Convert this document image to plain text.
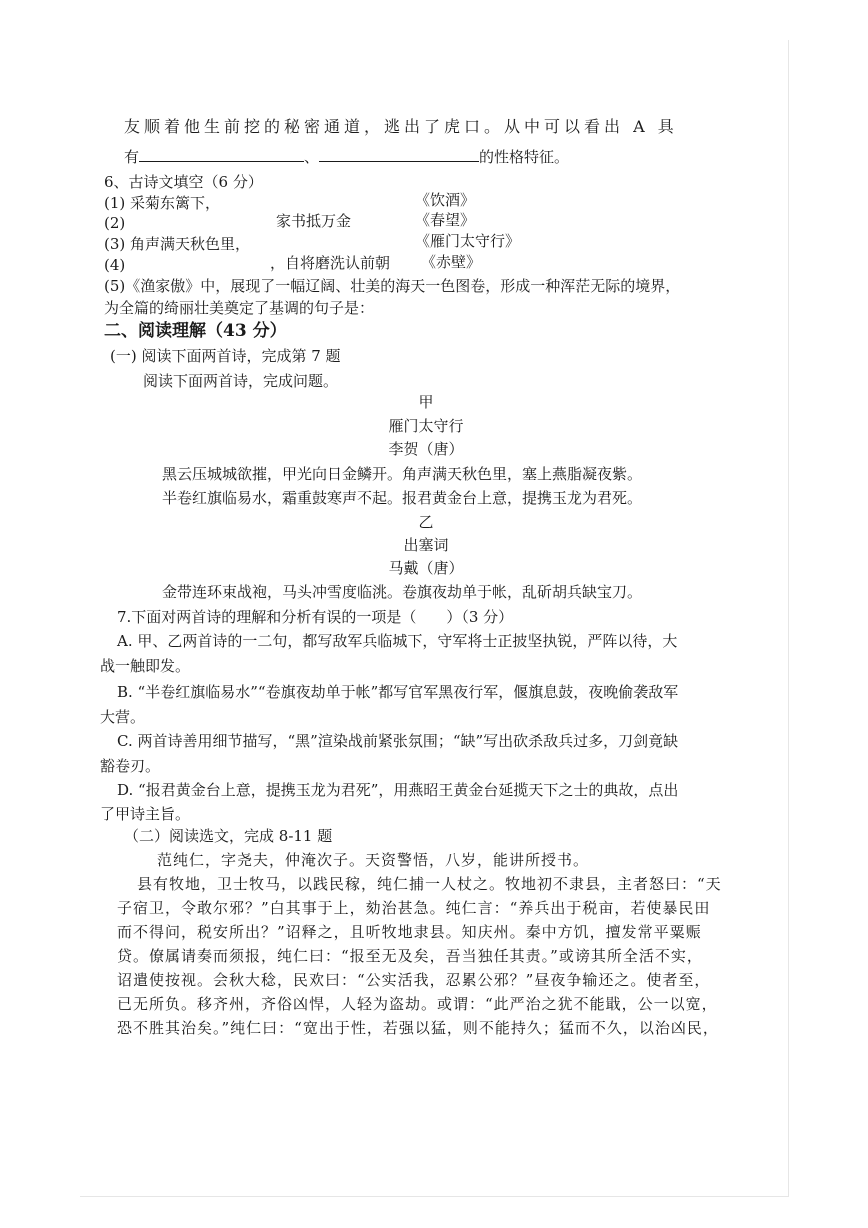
友顺着他生前挖的秘密通道，逃出了虎口。从中可以看出 A 具
有	、	的性格特征。
6、古诗文填空（6 分）
(1) 采菊东篱下，	《饮酒》
(2)	家书抵万金	《春望》
(3) 角声满天秋色里，	《雁门太守行》
(4)	，自将磨洗认前朝 《赤壁》
(5)《渔家傲》中，展现了一幅辽阔、壮美的海天一色图卷，形成一种浑茫无际的境界，
为全篇的绮丽壮美奠定了基调的句子是：
二、阅读理解（43 分）
(一) 阅读下面两首诗，完成第 7 题
阅读下面两首诗，完成问题。
甲
雁门太守行
李贺（唐）
黑云压城城欲摧，甲光向日金鳞开。角声满天秋色里，塞上燕脂凝夜紫。
半卷红旗临易水，霜重鼓寒声不起。报君黄金台上意，提携玉龙为君死。
乙
出塞词
马戴（唐）
金带连环束战袍，马头冲雪度临洮。卷旗夜劫单于帐，乱斫胡兵缺宝刀。
7.下面对两首诗的理解和分析有误的一项是（　　）（3 分）
A. 甲、乙两首诗的一二句，都写敌军兵临城下，守军将士正披坚执锐，严阵以待，大
战一触即发。
B. “半卷红旗临易水”“卷旗夜劫单于帐”都写官军黑夜行军，偃旗息鼓，夜晚偷袭敌军
大营。
C. 两首诗善用细节描写，“黑”渲染战前紧张氛围；“缺”写出砍杀敌兵过多，刀剑竟缺
豁卷刃。
D. “报君黄金台上意，提携玉龙为君死”，用燕昭王黄金台延揽天下之士的典故，点出
了甲诗主旨。
（二）阅读选文，完成 8-11 题
范纯仁，字尧夫，仲淹次子。天资警悟，八岁，能讲所授书。
县有牧地，卫士牧马，以践民稼，纯仁捕一人杖之。牧地初不隶县，主者怒曰：“天
子宿卫，令敢尔邪？”白其事于上，劾治甚急。纯仁言：“养兵出于税亩，若使暴民田
而不得问，税安所出？”诏释之，且听牧地隶县。知庆州。秦中方饥，擅发常平粟赈
贷。僚属请奏而须报，纯仁曰：“报至无及矣，吾当独任其责。”或谤其所全活不实，
诏遣使按视。会秋大稔，民欢曰：“公实活我，忍累公邪？”昼夜争输还之。使者至，
已无所负。移齐州，齐俗凶悍，人轻为盗劫。或谓：“此严治之犹不能戢，公一以宽，
恐不胜其治矣。”纯仁曰：“宽出于性，若强以猛，则不能持久；猛而不久，以治凶民，
